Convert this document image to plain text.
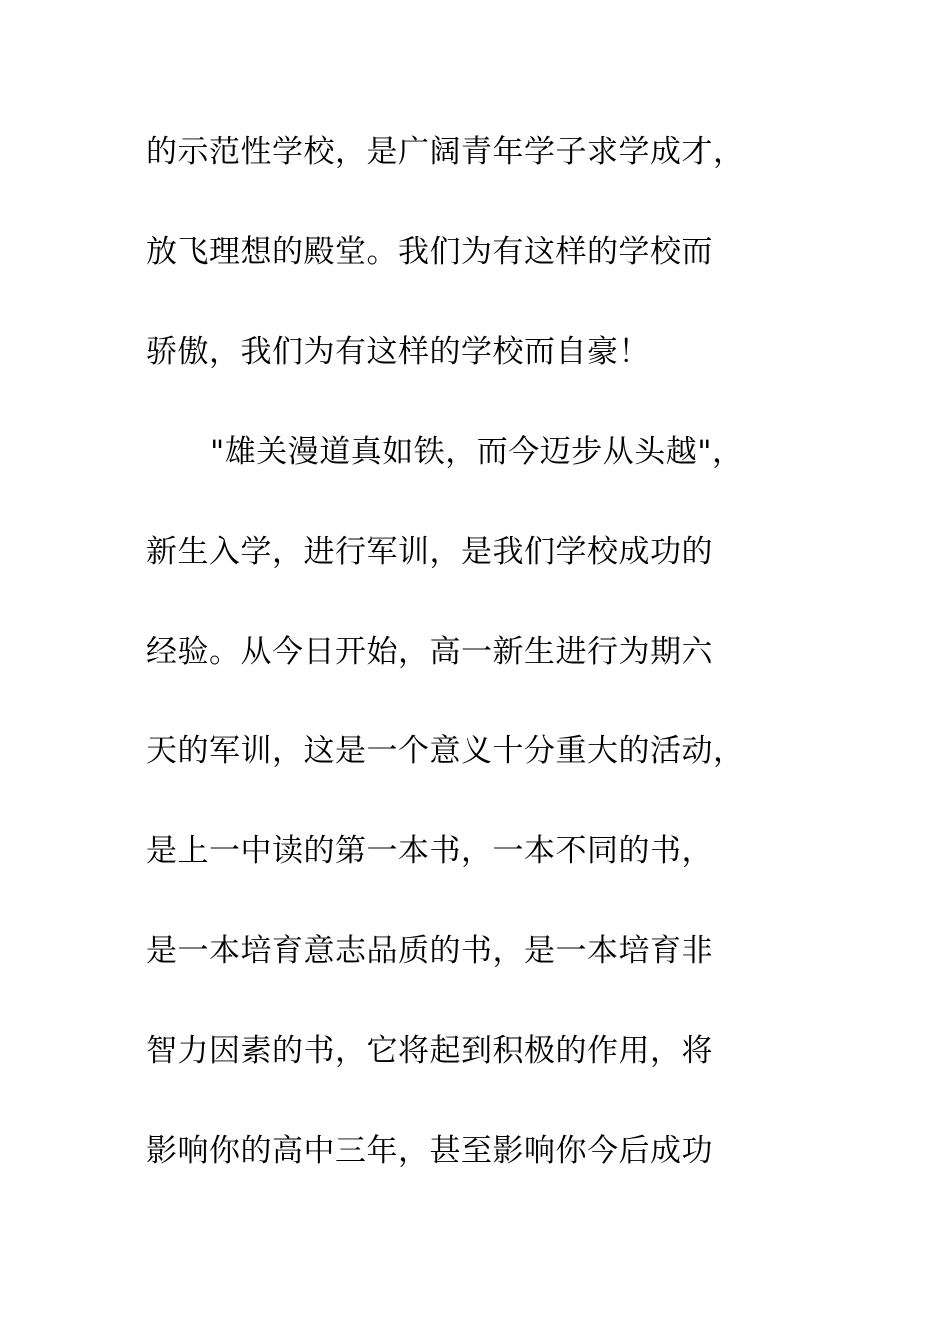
的示范性学校，是广阔青年学子求学成才，
放飞理想的殿堂。我们为有这样的学校而
骄傲，我们为有这样的学校而自豪！
"雄关漫道真如铁，而今迈步从头越"，
新生入学，进行军训，是我们学校成功的
经验。从今日开始，高一新生进行为期六
天的军训，这是一个意义十分重大的活动，
是上一中读的第一本书，一本不同的书，
是一本培育意志品质的书，是一本培育非
智力因素的书，它将起到积极的作用，将
影响你的高中三年，甚至影响你今后成功
